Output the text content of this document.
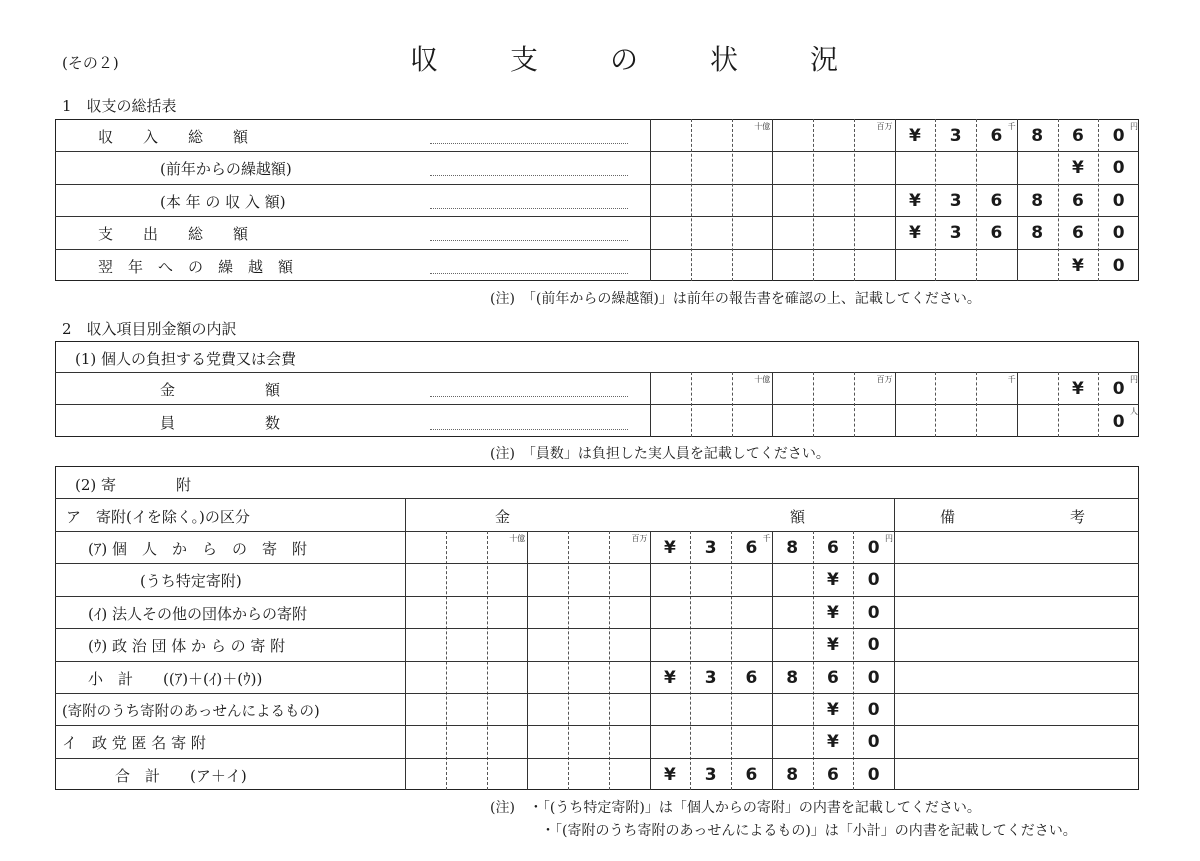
(その２)	収　支　の　状　況
1　収支の総括表
(注)　「(前年からの繰越額)」は前年の報告書を確認の上、記載してください。
2　収入項目別金額の内訳
(1) 個人の負担する党費又は会費
(注)　「員数」は負担した実人員を記載してください。
(2) 寄　　　　附
(注)　・「(うち特定寄附)」は「個人からの寄附」の内書を記載してください。
・「(寄附のうち寄附のあっせんによるもの)」は「小計」の内書を記載してください。
十億	百万	千	円
収　　入　　総　　額	¥	3	6	8	6	0
(前年からの繰越額)	¥	0
(本 年 の 収 入 額)	¥	3	6	8	6	0
支　　出　　総　　額	¥	3	6	8	6	0
翌　年　へ　の　繰　越　額	¥	0
十億	百万	千	円
人
金　　　　　　額	¥	0
員　　　　　　数	0
ア　寄附(イを除く。)の区分	金	額	備	考
十億	百万	千	円
(ｱ) 個　人　か　ら　の　寄　附	¥	3	6	8	6	0
(うち特定寄附)	¥	0
(ｲ) 法人その他の団体からの寄附	¥	0
(ｳ) 政 治 団 体 か ら の 寄 附	¥	0
小　計　　((ｱ)＋(ｲ)＋(ｳ))	¥	3	6	8	6	0
(寄附のうち寄附のあっせんによるもの)	¥	0
イ　政 党 匿 名 寄 附	¥	0
合　計　　(ア＋イ)	¥	3	6	8	6	0
